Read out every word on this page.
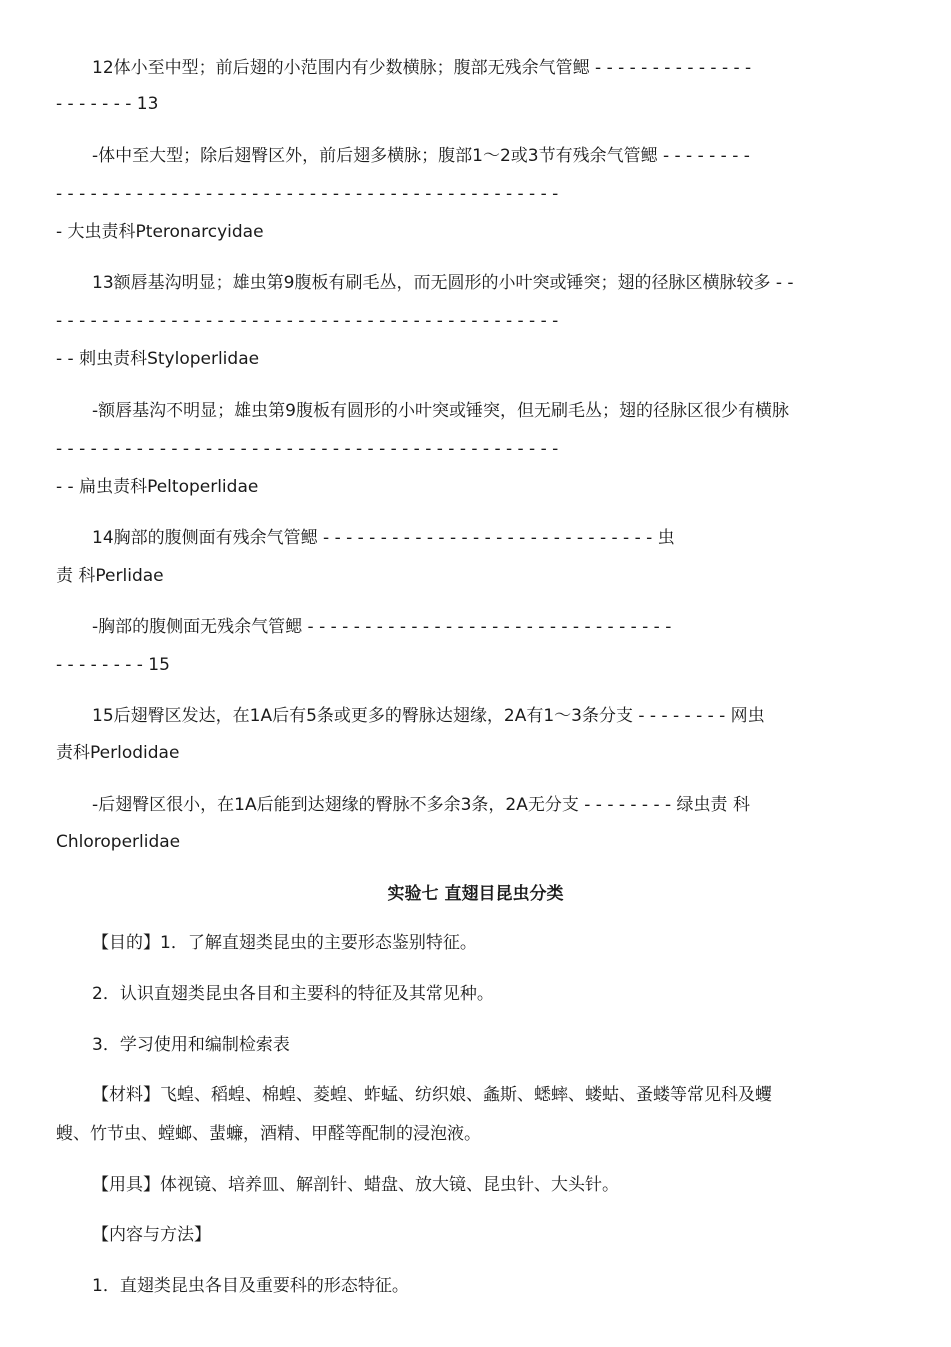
12体小至中型；前后翅的小范围内有少数横脉；腹部无残余气管鳃 - - - - - - - - - - - - - -
- - - - - - - 13
-体中至大型；除后翅臀区外，前后翅多横脉；腹部1～2或3节有残余气管鳃 - - - - - - - -
- - - - - - - - - - - - - - - - - - - - - - - - - - - - - - - - - - - - - - - - - - - -
- 大虫责科Pteronarcyidae
13额唇基沟明显；雄虫第9腹板有刷毛丛，而无圆形的小叶突或锤突；翅的径脉区横脉较多 - -
- - - - - - - - - - - - - - - - - - - - - - - - - - - - - - - - - - - - - - - - - - - -
- - 刺虫责科Styloperlidae
-额唇基沟不明显；雄虫第9腹板有圆形的小叶突或锤突，但无刷毛丛；翅的径脉区很少有横脉
- - - - - - - - - - - - - - - - - - - - - - - - - - - - - - - - - - - - - - - - - - - -
- - 扁虫责科Peltoperlidae
14胸部的腹侧面有残余气管鳃 - - - - - - - - - - - - - - - - - - - - - - - - - - - - - 虫
责 科Perlidae
-胸部的腹侧面无残余气管鳃 - - - - - - - - - - - - - - - - - - - - - - - - - - - - - - - -
- - - - - - - - 15
15后翅臀区发达，在1A后有5条或更多的臀脉达翅缘，2A有1～3条分支 - - - - - - - - 网虫
责科Perlodidae
-后翅臀区很小，在1A后能到达翅缘的臀脉不多余3条，2A无分支 - - - - - - - - 绿虫责 科
Chloroperlidae
实验七 直翅目昆虫分类
【目的】1．了解直翅类昆虫的主要形态鉴别特征。
2．认识直翅类昆虫各目和主要科的特征及其常见种。
3．学习使用和编制检索表
【材料】飞蝗、稻蝗、棉蝗、菱蝗、蚱蜢、纺织娘、螽斯、蟋蟀、蝼蛄、蚤蝼等常见科及蠼
螋、竹节虫、螳螂、蜚蠊，酒精、甲醛等配制的浸泡液。
【用具】体视镜、培养皿、解剖针、蜡盘、放大镜、昆虫针、大头针。
【内容与方法】
1．直翅类昆虫各目及重要科的形态特征。
